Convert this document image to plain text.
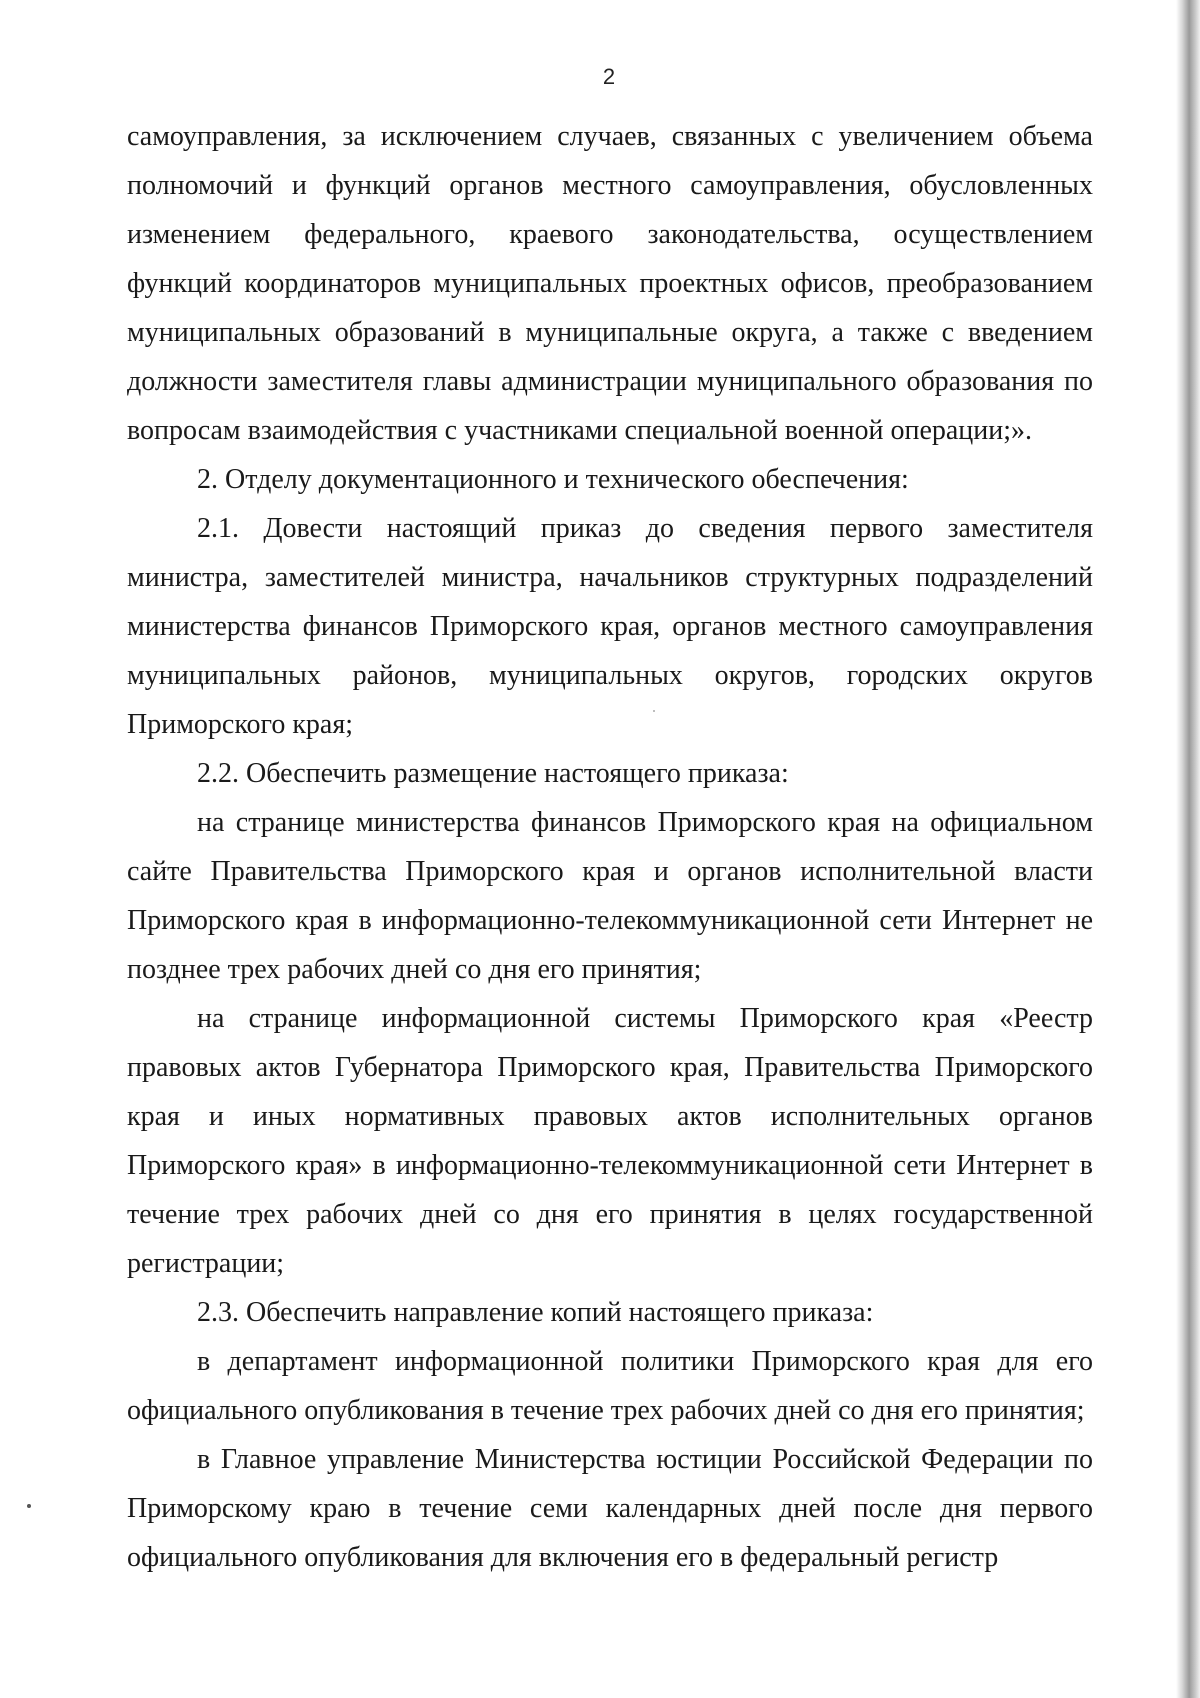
2

самоуправления, за исключением случаев, связанных с увеличением объема полномочий и функций органов местного самоуправления, обусловленных изменением федерального, краевого законодательства, осуществлением функций координаторов муниципальных проектных офисов, преобразованием муниципальных образований в муниципальные округа, а также с введением должности заместителя главы администрации муниципального образования по вопросам взаимодействия с участниками специальной военной операции;».

2. Отделу документационного и технического обеспечения:

2.1. Довести настоящий приказ до сведения первого заместителя министра, заместителей министра, начальников структурных подразделений министерства финансов Приморского края, органов местного самоуправления муниципальных районов, муниципальных округов, городских округов Приморского края;

2.2. Обеспечить размещение настоящего приказа:

на странице министерства финансов Приморского края на официальном сайте Правительства Приморского края и органов исполнительной власти Приморского края в информационно-телекоммуникационной сети Интернет не позднее трех рабочих дней со дня его принятия;

на странице информационной системы Приморского края «Реестр правовых актов Губернатора Приморского края, Правительства Приморского края и иных нормативных правовых актов исполнительных органов Приморского края» в информационно-телекоммуникационной сети Интернет в течение трех рабочих дней со дня его принятия в целях государственной регистрации;

2.3. Обеспечить направление копий настоящего приказа:

в департамент информационной политики Приморского края для его официального опубликования в течение трех рабочих дней со дня его принятия;

в Главное управление Министерства юстиции Российской Федерации по Приморскому краю в течение семи календарных дней после дня первого официального опубликования для включения его в федеральный регистр
